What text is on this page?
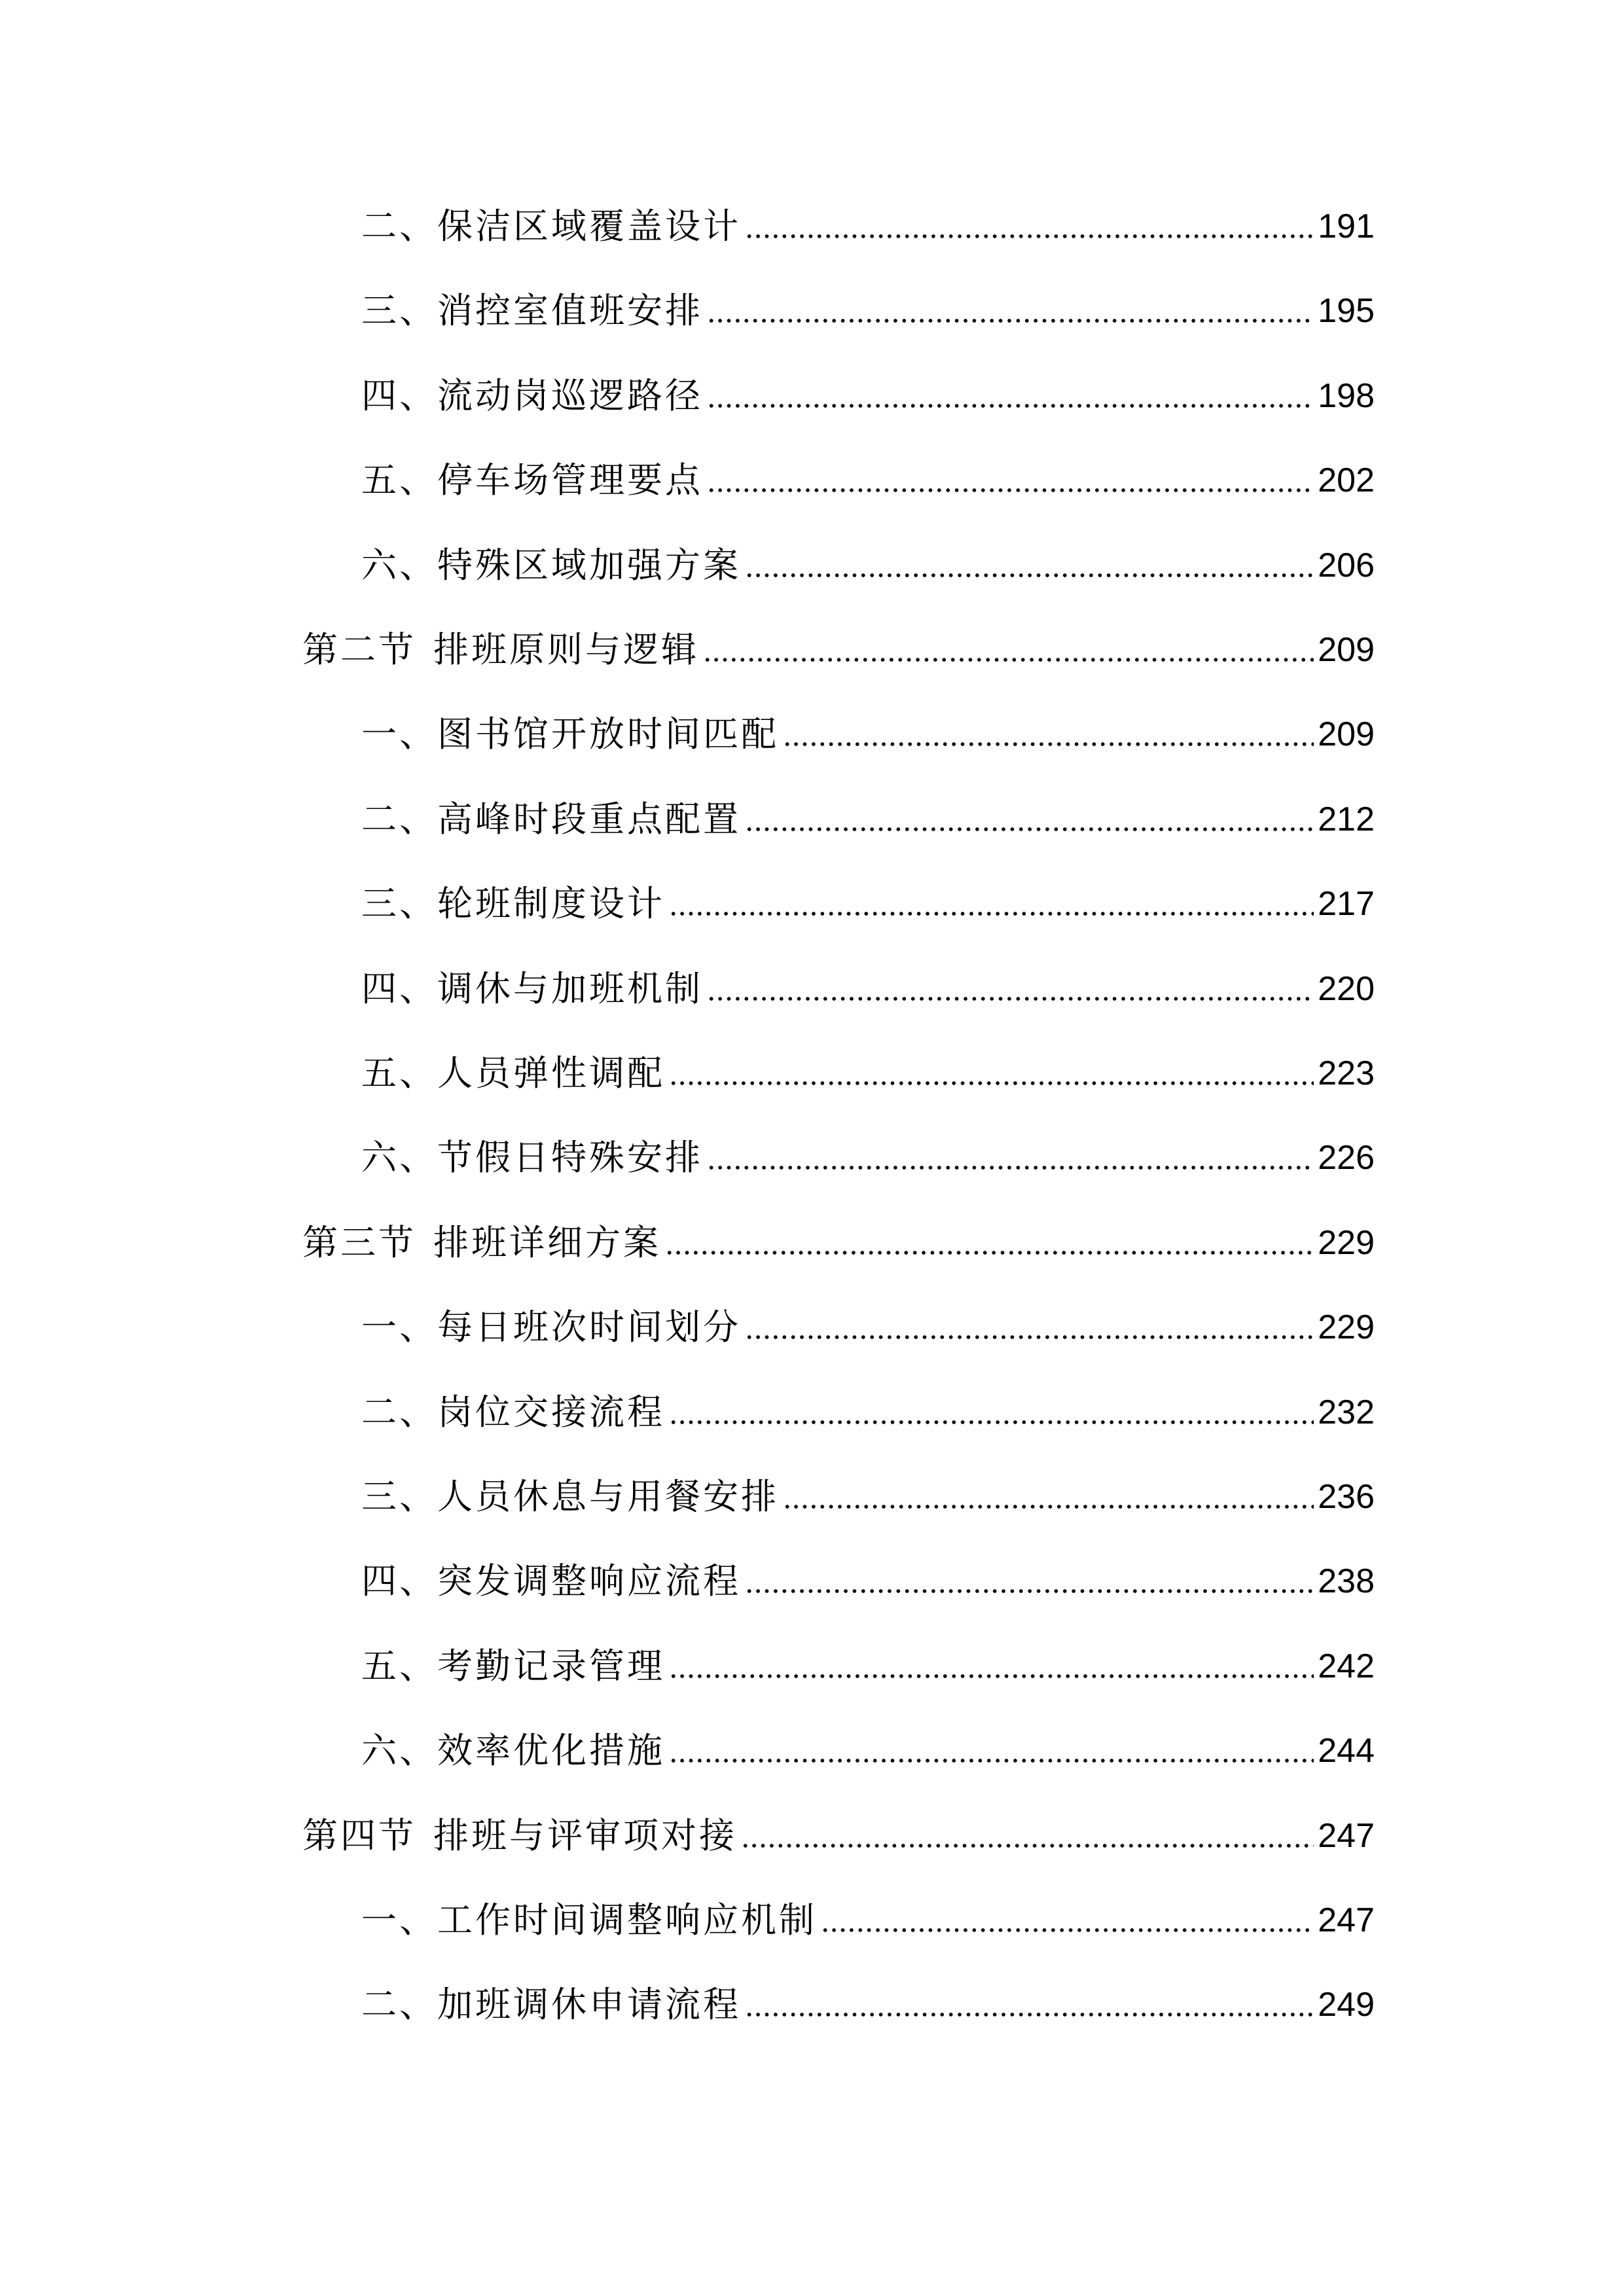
二、保洁区域覆盖设计	191
三、消控室值班安排	195
四、流动岗巡逻路径	198
五、停车场管理要点	202
六、特殊区域加强方案	206
第二节 排班原则与逻辑	209
一、图书馆开放时间匹配	209
二、高峰时段重点配置	212
三、轮班制度设计	217
四、调休与加班机制	220
五、人员弹性调配	223
六、节假日特殊安排	226
第三节 排班详细方案	229
一、每日班次时间划分	229
二、岗位交接流程	232
三、人员休息与用餐安排	236
四、突发调整响应流程	238
五、考勤记录管理	242
六、效率优化措施	244
第四节 排班与评审项对接	247
一、工作时间调整响应机制	247
二、加班调休申请流程	249
